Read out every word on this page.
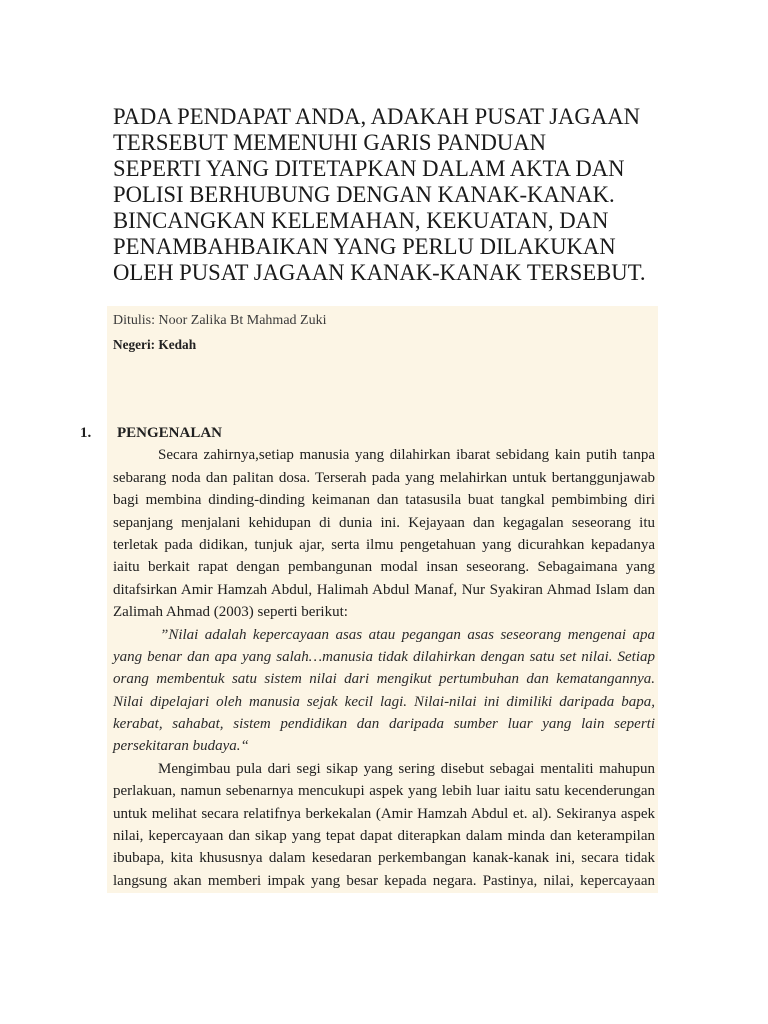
PADA PENDAPAT ANDA, ADAKAH PUSAT JAGAAN
TERSEBUT MEMENUHI GARIS PANDUAN
SEPERTI YANG DITETAPKAN DALAM AKTA DAN
POLISI BERHUBUNG DENGAN KANAK-KANAK.
BINCANGKAN KELEMAHAN, KEKUATAN, DAN
PENAMBAHBAIKAN YANG PERLU DILAKUKAN
OLEH PUSAT JAGAAN KANAK-KANAK TERSEBUT.
Ditulis: Noor Zalika Bt Mahmad Zuki
Negeri: Kedah
1. PENGENALAN
Secara zahirnya,setiap manusia yang dilahirkan ibarat sebidang kain putih tanpa
sebarang noda dan palitan dosa. Terserah pada yang melahirkan untuk bertanggunjawab
bagi membina dinding-dinding keimanan dan tatasusila buat tangkal pembimbing diri
sepanjang menjalani kehidupan di dunia ini. Kejayaan dan kegagalan seseorang itu
terletak pada didikan, tunjuk ajar, serta ilmu pengetahuan yang dicurahkan kepadanya
iaitu berkait rapat dengan pembangunan modal insan seseorang. Sebagaimana yang
ditafsirkan Amir Hamzah Abdul, Halimah Abdul Manaf, Nur Syakiran Ahmad Islam dan
Zalimah Ahmad (2003) seperti berikut:
”Nilai adalah kepercayaan asas atau pegangan asas seseorang mengenai apa
yang benar dan apa yang salah…manusia tidak dilahirkan dengan satu set nilai. Setiap
orang membentuk satu sistem nilai dari mengikut pertumbuhan dan kematangannya.
Nilai dipelajari oleh manusia sejak kecil lagi. Nilai-nilai ini dimiliki daripada bapa,
kerabat, sahabat, sistem pendidikan dan daripada sumber luar yang lain seperti
persekitaran budaya.“
Mengimbau pula dari segi sikap yang sering disebut sebagai mentaliti mahupun
perlakuan, namun sebenarnya mencukupi aspek yang lebih luar iaitu satu kecenderungan
untuk melihat secara relatifnya berkekalan (Amir Hamzah Abdul et. al). Sekiranya aspek
nilai, kepercayaan dan sikap yang tepat dapat diterapkan dalam minda dan keterampilan
ibubapa, kita khususnya dalam kesedaran perkembangan kanak-kanak ini, secara tidak
langsung akan memberi impak yang besar kepada negara. Pastinya, nilai, kepercayaan
